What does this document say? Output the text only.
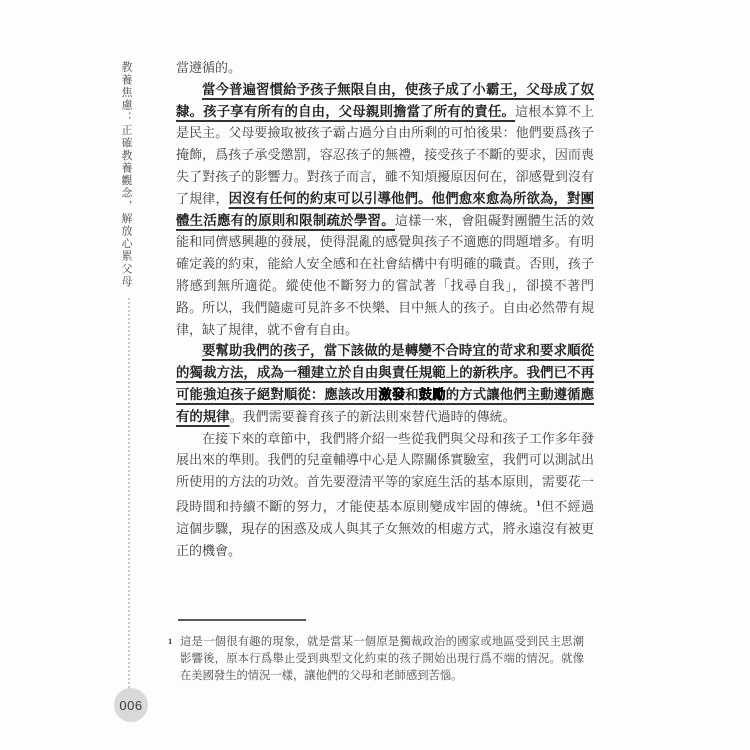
教養焦慮：正確教養觀念，解放心累父母
006

當遵循的。

當今普遍習慣給予孩子無限自由，使孩子成了小霸王，父母成了奴隸。孩子享有所有的自由，父母親則擔當了所有的責任。這根本算不上是民主。父母要撿取被孩子霸占過分自由所剩的可怕後果：他們要爲孩子掩飾，爲孩子承受懲罰，容忍孩子的無禮，接受孩子不斷的要求，因而喪失了對孩子的影響力。對孩子而言，雖不知煩擾原因何在，卻感覺到沒有了規律，因沒有任何的約束可以引導他們。他們愈來愈為所欲為，對團體生活應有的原則和限制疏於學習。這樣一來，會阻礙對團體生活的效能和同儕感興趣的發展，使得混亂的感覺與孩子不適應的問題增多。有明確定義的約束，能給人安全感和在社會結構中有明確的職責。否則，孩子將感到無所適從。縱使他不斷努力的嘗試著「找尋自我」，卻摸不著門路。所以，我們隨處可見許多不快樂、目中無人的孩子。自由必然帶有規律，缺了規律，就不會有自由。

要幫助我們的孩子，當下該做的是轉變不合時宜的苛求和要求順從的獨裁方法，成為一種建立於自由與責任規範上的新秩序。我們已不再可能強迫孩子絕對順從：應該改用激發和鼓勵的方式讓他們主動遵循應有的規律。我們需要養育孩子的新法則來替代過時的傳統。

在接下來的章節中，我們將介紹一些從我們與父母和孩子工作多年發展出來的準則。我們的兒童輔導中心是人際關係實驗室，我們可以測試出所使用的方法的功效。首先要澄清平等的家庭生活的基本原則，需要花一段時間和持續不斷的努力，才能使基本原則變成牢固的傳統。$^1$但不經過這個步驟，現存的困惑及成人與其子女無效的相處方式，將永遠沒有被更正的機會。

1 這是一個很有趣的現象，就是當某一個原是獨裁政治的國家或地區受到民主思潮影響後，原本行爲舉止受到典型文化約束的孩子開始出現行爲不端的情況。就像在美國發生的情況一樣，讓他們的父母和老師感到苦惱。
